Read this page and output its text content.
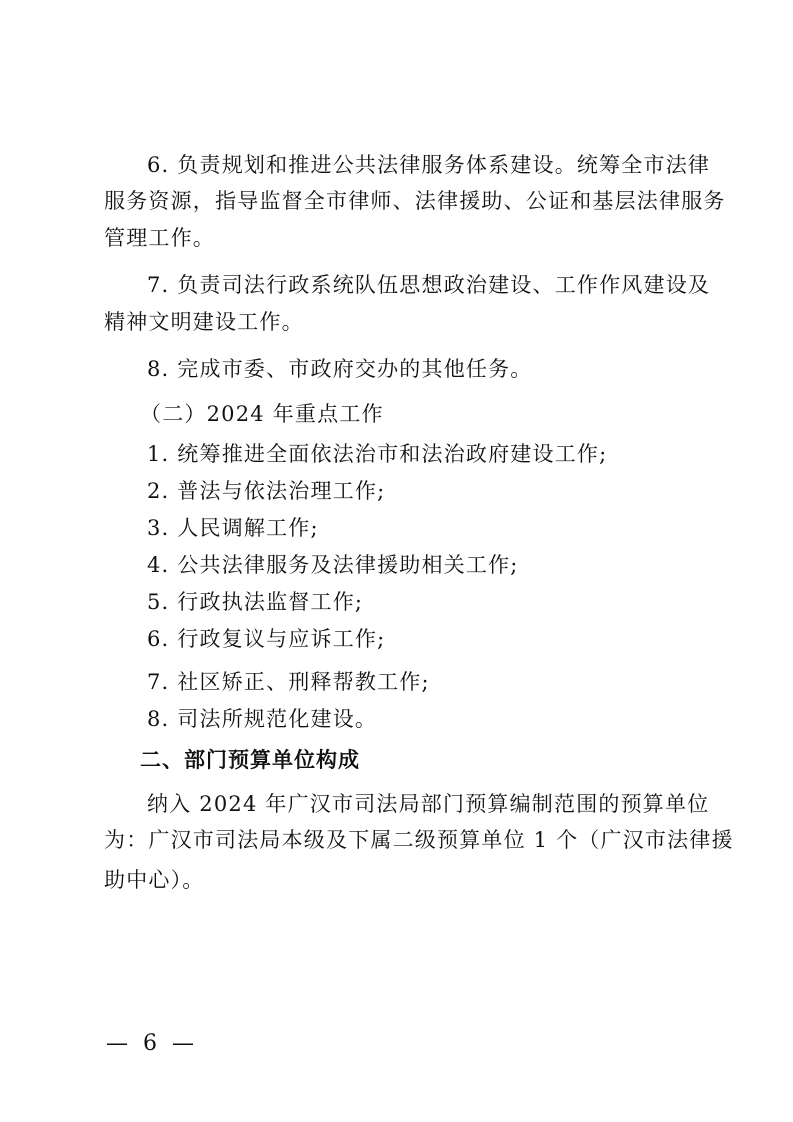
6. 负责规划和推进公共法律服务体系建设。统筹全市法律
服务资源，指导监督全市律师、法律援助、公证和基层法律服务
管理工作。
7. 负责司法行政系统队伍思想政治建设、工作作风建设及
精神文明建设工作。
8. 完成市委、市政府交办的其他任务。
（二）2024 年重点工作
1. 统筹推进全面依法治市和法治政府建设工作;
2. 普法与依法治理工作;
3. 人民调解工作;
4. 公共法律服务及法律援助相关工作;
5. 行政执法监督工作;
6. 行政复议与应诉工作;
7. 社区矫正、刑释帮教工作;
8. 司法所规范化建设。
二、部门预算单位构成
纳入 2024 年广汉市司法局部门预算编制范围的预算单位
为：广汉市司法局本级及下属二级预算单位 1 个（广汉市法律援
助中心）。
— 6 —
